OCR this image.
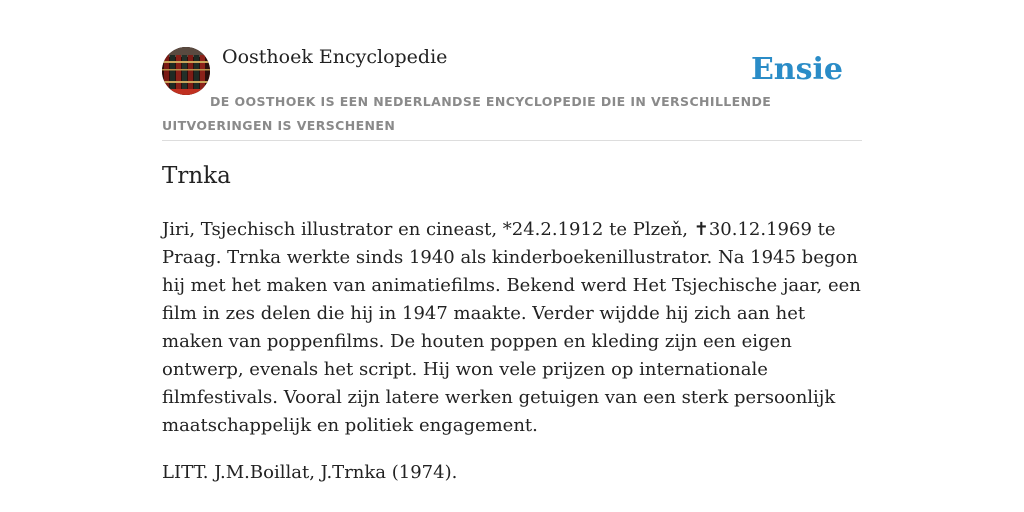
Oosthoek Encyclopedie	Ensie
DE OOSTHOEK IS EEN NEDERLANDSE ENCYCLOPEDIE DIE IN VERSCHILLENDE UITVOERINGEN IS VERSCHENEN
Trnka

Jiri, Tsjechisch illustrator en cineast, *24.2.1912 te Plzeň, ✝30.12.1969 te Praag. Trnka werkte sinds 1940 als kinderboekenillustrator. Na 1945 begon hij met het maken van animatiefilms. Bekend werd Het Tsjechische jaar, een film in zes delen die hij in 1947 maakte. Verder wijdde hij zich aan het maken van poppenfilms. De houten poppen en kleding zijn een eigen ontwerp, evenals het script. Hij won vele prijzen op internationale filmfestivals. Vooral zijn latere werken getuigen van een sterk persoonlijk maatschappelijk en politiek engagement.

LITT. J.M.Boillat, J.Trnka (1974).
